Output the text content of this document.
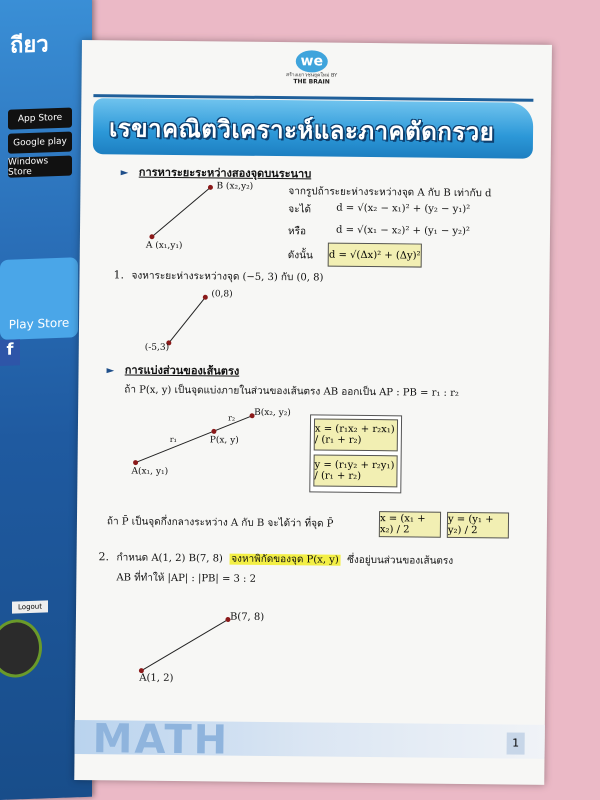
ถียว
App Store
Google play
Windows Store
Play Store
f
Logout
we
สร้างเยาวชนยุคใหม่ BY
THE BRAIN
เรขาคณิตวิเคราะห์และภาคตัดกรวย
► การหาระยะระหว่างสองจุดบนระนาบ
B (x₂,y₂)
A (x₁,y₁)
จากรูปถ้าระยะห่างระหว่างจุด A กับ B เท่ากับ d
จะได้	d = √(x₂ − x₁)² + (y₂ − y₁)²
หรือ	d = √(x₁ − x₂)² + (y₁ − y₂)²
ดังนั้น d = √(Δx)² + (Δy)²
1. จงหาระยะห่างระหว่างจุด (−5, 3) กับ (0, 8)
(0,8)
(-5,3)
► การแบ่งส่วนของเส้นตรง
ถ้า P(x, y) เป็นจุดแบ่งภายในส่วนของเส้นตรง AB ออกเป็น AP : PB = r₁ : r₂
B(x₂, y₂)
r₂
r₁	P(x, y)
A(x₁, y₁)
x = (r₁x₂ + r₂x₁) / (r₁ + r₂)
y = (r₁y₂ + r₂y₁) / (r₁ + r₂)
ถ้า P̄ เป็นจุดกึ่งกลางระหว่าง A กับ B จะได้ว่า ที่จุด P̄	x = (x₁ + x₂) / 2
y = (y₁ + y₂) / 2
2. กำหนด A(1, 2) B(7, 8) จงหาพิกัดของจุด P(x, y) ซึ่งอยู่บนส่วนของเส้นตรง
AB ที่ทำให้ |AP| : |PB| = 3 : 2
B(7, 8)
A(1, 2)
MATH	1
